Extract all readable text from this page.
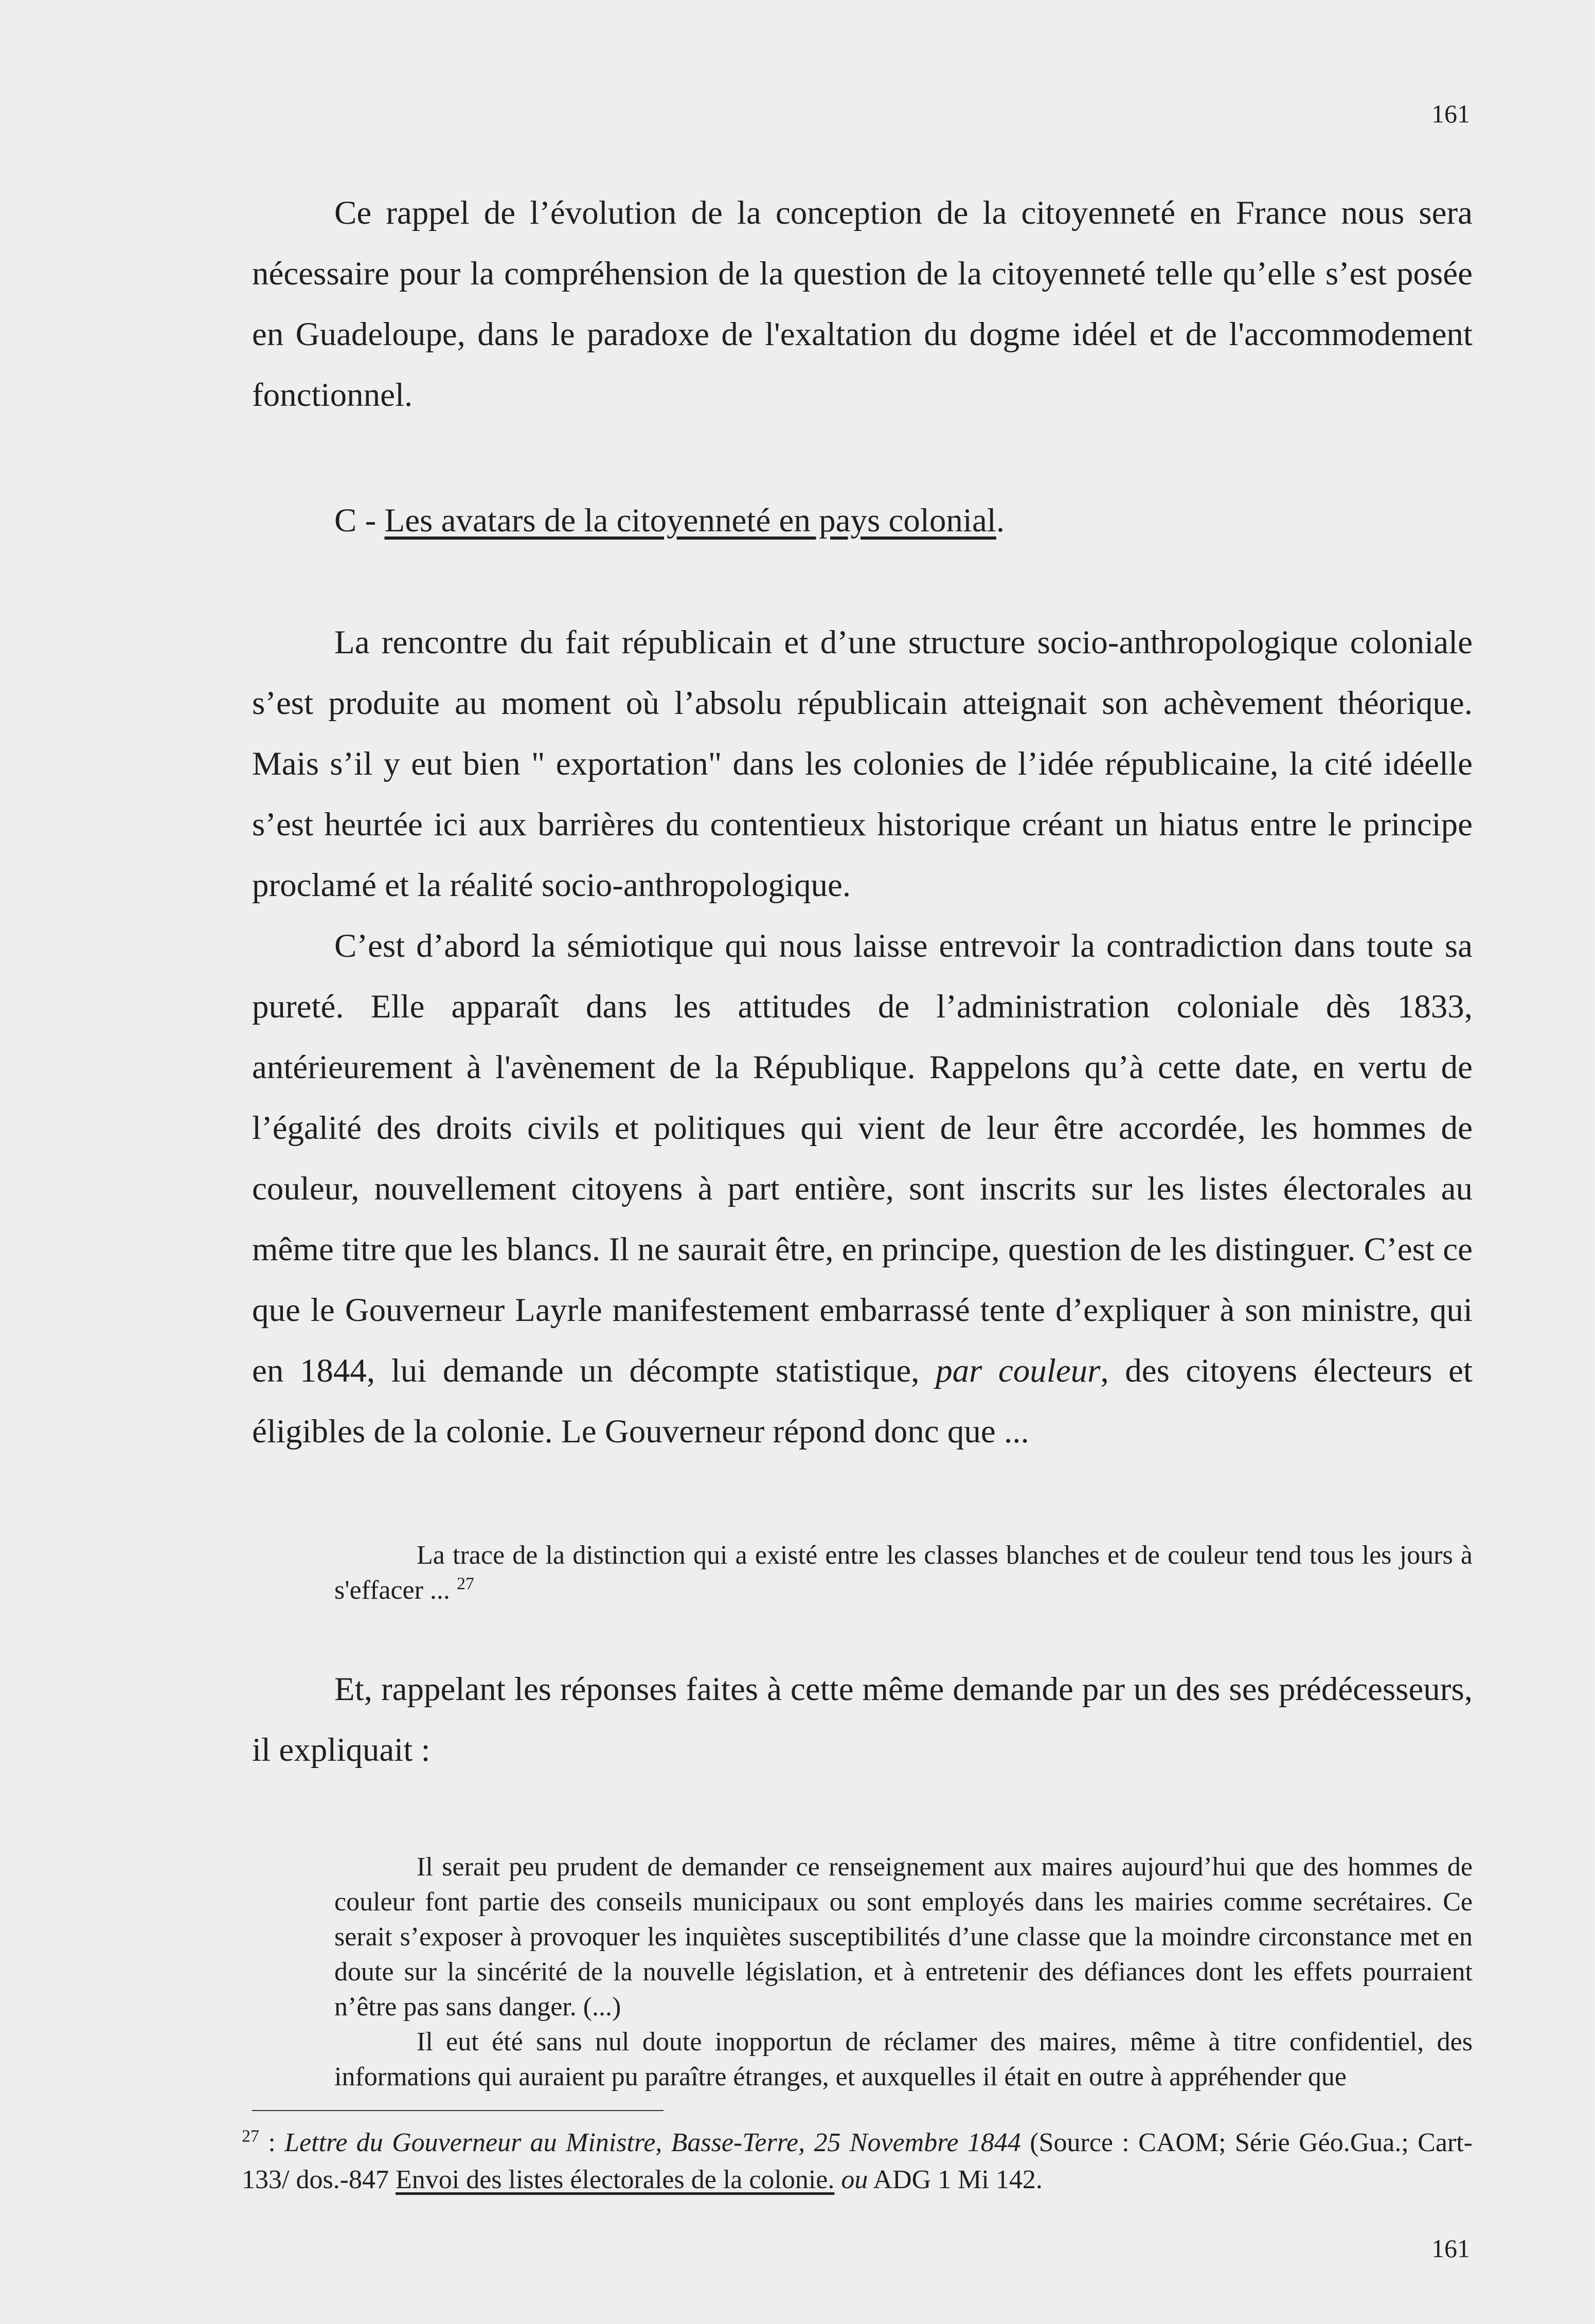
161

Ce rappel de l’évolution de la conception de la citoyenneté en France nous sera nécessaire pour la compréhension de la question de la citoyenneté telle qu’elle s’est posée en Guadeloupe, dans le paradoxe de l'exaltation du dogme idéel et de l'accommodement fonctionnel.

C - Les avatars de la citoyenneté en pays colonial.

La rencontre du fait républicain et d’une structure socio-anthropologique coloniale s’est produite au moment où l’absolu républicain atteignait son achèvement théorique. Mais s’il y eut bien " exportation" dans les colonies de l’idée républicaine, la cité idéelle s’est heurtée ici aux barrières du contentieux historique créant un hiatus entre le principe proclamé et la réalité socio-anthropologique.

C’est d’abord la sémiotique qui nous laisse entrevoir la contradiction dans toute sa pureté. Elle apparaît dans les attitudes de l’administration coloniale dès 1833, antérieurement à l'avènement de la République. Rappelons qu’à cette date, en vertu de l’égalité des droits civils et politiques qui vient de leur être accordée, les hommes de couleur, nouvellement citoyens à part entière, sont inscrits sur les listes électorales au même titre que les blancs. Il ne saurait être, en principe, question de les distinguer. C’est ce que le Gouverneur Layrle manifestement embarrassé tente d’expliquer à son ministre, qui en 1844, lui demande un décompte statistique, par couleur, des citoyens électeurs et éligibles de la colonie. Le Gouverneur répond donc que ...

La trace de la distinction qui a existé entre les classes blanches et de couleur tend tous les jours à s'effacer ... $^{27}$

Et, rappelant les réponses faites à cette même demande par un des ses prédécesseurs, il expliquait :

Il serait peu prudent de demander ce renseignement aux maires aujourd’hui que des hommes de couleur font partie des conseils municipaux ou sont employés dans les mairies comme secrétaires. Ce serait s’exposer à provoquer les inquiètes susceptibilités d’une classe que la moindre circonstance met en doute sur la sincérité de la nouvelle législation, et à entretenir des défiances dont les effets pourraient n’être pas sans danger. (...)

Il eut été sans nul doute inopportun de réclamer des maires, même à titre confidentiel, des informations qui auraient pu paraître étranges, et auxquelles il était en outre à appréhender que

$^{27}$ : Lettre du Gouverneur au Ministre, Basse-Terre, 25 Novembre 1844 (Source : CAOM; Série Géo.Gua.; Cart-133/ dos.-847 Envoi des listes électorales de la colonie. ou ADG 1 Mi 142.
161
